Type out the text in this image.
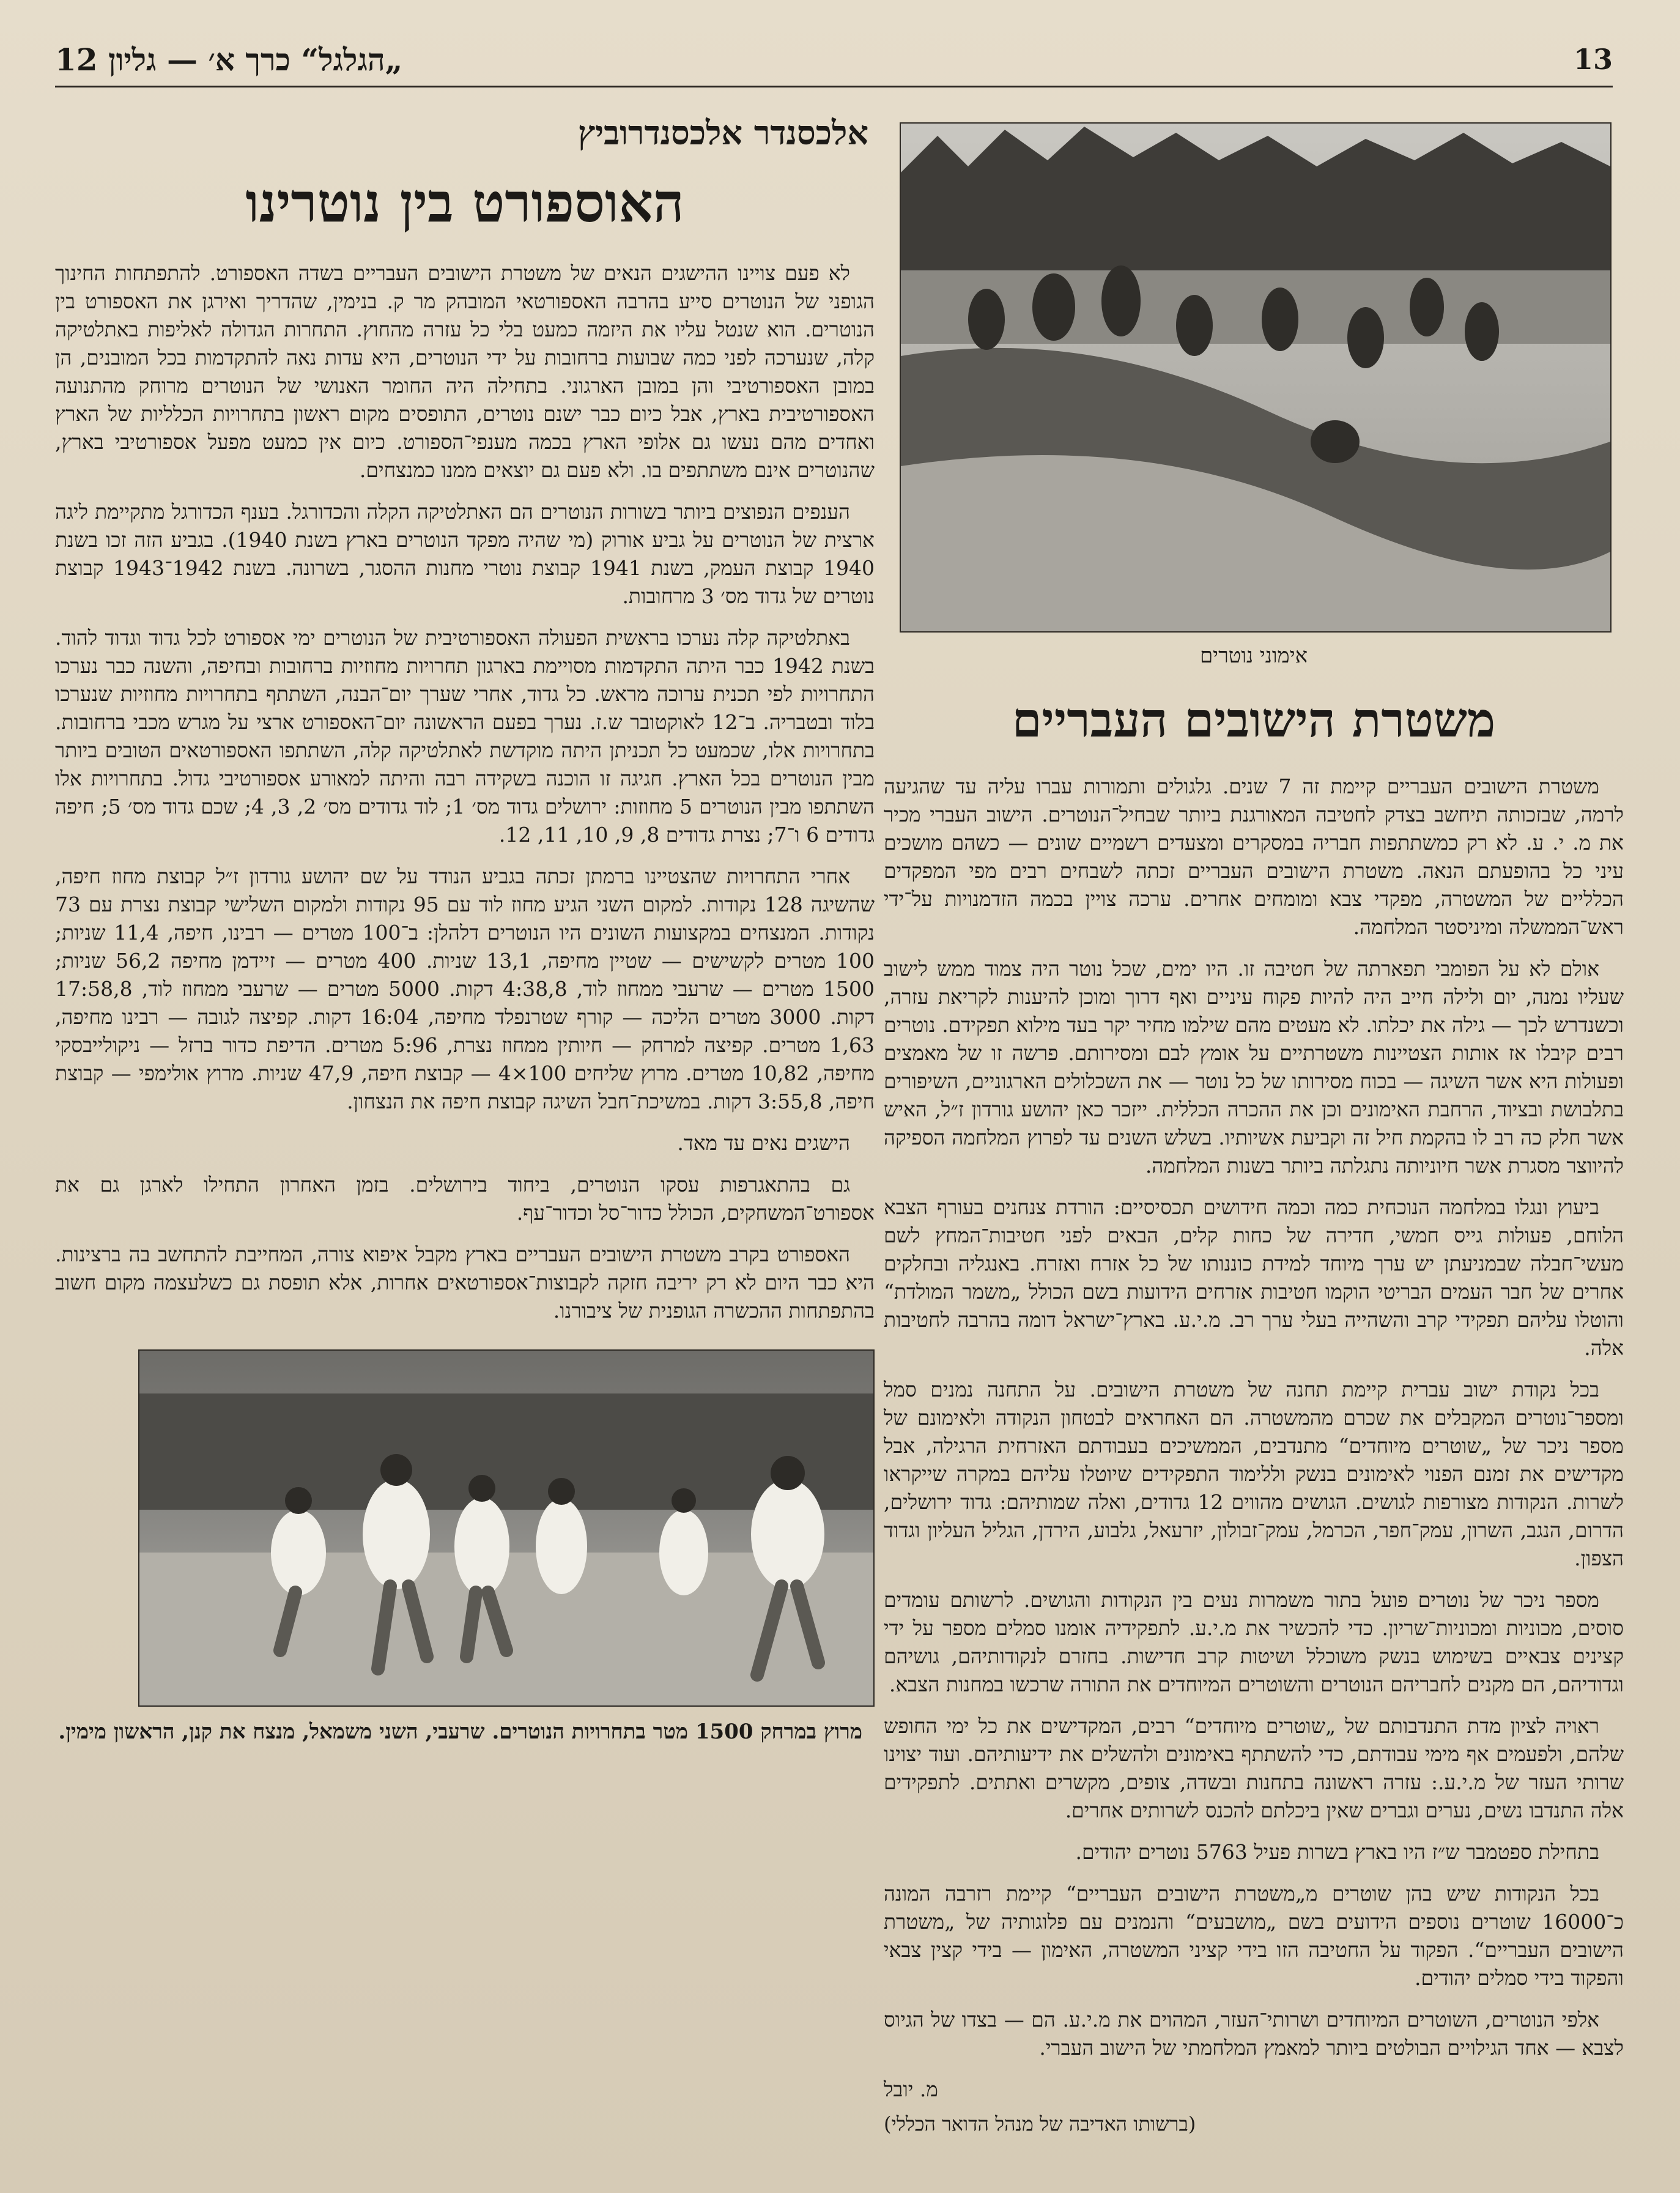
13
„הגלגל“ כרך א׳ — גליון 12
אלכסנדר אלכסנדרוביץ
האוספורט בין נוטרינו
לא פעם צויינו ההישגים הנאים של משטרת הישובים העבריים בשדה האספורט. להתפתחות החינוך הגופני של הנוטרים סייע בהרבה האספורטאי המובהק מר ק. בנימין, שהדריך ואירגן את האספורט בין הנוטרים. הוא שנטל עליו את היזמה כמעט בלי כל עזרה מהחוץ. התחרות הגדולה לאליפות באתלטיקה קלה, שנערכה לפני כמה שבועות ברחובות על ידי הנוטרים, היא עדות נאה להתקדמות בכל המובנים, הן במובן האספורטיבי והן במובן הארגוני. בתחילה היה החומר האנושי של הנוטרים מרוחק מהתנועה האספורטיבית בארץ, אבל כיום כבר ישנם נוטרים, התופסים מקום ראשון בתחרויות הכלליות של הארץ ואחדים מהם נעשו גם אלופי הארץ בכמה מענפי־הספורט. כיום אין כמעט מפעל אספורטיבי בארץ, שהנוטרים אינם משתתפים בו. ולא פעם גם יוצאים ממנו כמנצחים.
הענפים הנפוצים ביותר בשורות הנוטרים הם האתלטיקה הקלה והכדורגל. בענף הכדורגל מתקיימת ליגה ארצית של הנוטרים על גביע אורוק (מי שהיה מפקד הנוטרים בארץ בשנת 1940). בגביע הזה זכו בשנת 1940 קבוצת העמק, בשנת 1941 קבוצת נוטרי מחנות ההסגר, בשרונה. בשנת 1942־1943 קבוצת נוטרים של גדוד מס׳ 3 מרחובות.
באתלטיקה קלה נערכו בראשית הפעולה האספורטיבית של הנוטרים ימי אספורט לכל גדוד וגדוד להוד. בשנת 1942 כבר היתה התקדמות מסויימת בארגון תחרויות מחוזיות ברחובות ובחיפה, והשנה כבר נערכו התחרויות לפי תכנית ערוכה מראש. כל גדוד, אחרי שערך יום־הבנה, השתתף בתחרויות מחוזיות שנערכו בלוד ובטבריה. ב־12 לאוקטובר ש.ז. נערך בפעם הראשונה יום־האספורט ארצי על מגרש מכבי ברחובות. בתחרויות אלו, שכמעט כל תכניתן היתה מוקדשת לאתלטיקה קלה, השתתפו האספורטאים הטובים ביותר מבין הנוטרים בכל הארץ. חגיגה זו הוכנה בשקידה רבה והיתה למאורע אספורטיבי גדול. בתחרויות אלו השתתפו מבין הנוטרים 5 מחוזות: ירושלים גדוד מס׳ 1; לוד גדודים מס׳ 2, 3, 4; שכם גדוד מס׳ 5; חיפה גדודים 6 ו־7; נצרת גדודים 8, 9, 10, 11, 12.
אחרי התחרויות שהצטיינו ברמתן זכתה בגביע הנודד על שם יהושע גורדון ז״ל קבוצת מחוז חיפה, שהשיגה 128 נקודות. למקום השני הגיע מחוז לוד עם 95 נקודות ולמקום השלישי קבוצת נצרת עם 73 נקודות. המנצחים במקצועות השונים היו הנוטרים דלהלן: ב־100 מטרים — רבינו, חיפה, 11,4 שניות; 100 מטרים לקשישים — שטיין מחיפה, 13,1 שניות. 400 מטרים — זיידמן מחיפה 56,2 שניות; 1500 מטרים — שרעבי ממחוז לוד, 4:38,8 דקות. 5000 מטרים — שרעבי ממחוז לוד, 17:58,8 דקות. 3000 מטרים הליכה — קורף שטרנפלד מחיפה, 16:04 דקות. קפיצה לגובה — רבינו מחיפה, 1,63 מטרים. קפיצה למרחק — חיותין ממחוז נצרת, 5:96 מטרים. הדיפת כדור ברזל — ניקולייבסקי מחיפה, 10,82 מטרים. מרוץ שליחים 100×4 — קבוצת חיפה, 47,9 שניות. מרוץ אולימפי — קבוצת חיפה, 3:55,8 דקות. במשיכת־חבל השיגה קבוצת חיפה את הנצחון.
הישגים נאים עד מאד.
גם בהתאגרפות עסקו הנוטרים, ביחוד בירושלים. בזמן האחרון התחילו לארגן גם את אספורט־המשחקים, הכולל כדור־סל וכדור־עף.
האספורט בקרב משטרת הישובים העבריים בארץ מקבל איפוא צורה, המחייבת להתחשב בה ברצינות. היא כבר היום לא רק יריבה חזקה לקבוצות־אספורטאים אחרות, אלא תופסת גם כשלעצמה מקום חשוב בהתפתחות ההכשרה הגופנית של ציבורנו.
מרוץ במרחק 1500 מטר בתחרויות הנוטרים. שרעבי, השני משמאל, מנצח את קנן, הראשון מימין.
אימוני נוטרים
משטרת הישובים העבריים
משטרת הישובים העבריים קיימת זה 7 שנים. גלגולים ותמורות עברו עליה עד שהגיעה לרמה, שבזכותה תיחשב בצדק לחטיבה המאורגנת ביותר שבחיל־הנוטרים. הישוב העברי מכיר את מ. י. ע. לא רק כמשתתפות חבריה במסקרים ומצעדים רשמיים שונים — כשהם מושכים עיני כל בהופעתם הנאה. משטרת הישובים העבריים זכתה לשבחים רבים מפי המפקדים הכלליים של המשטרה, מפקדי צבא ומומחים אחרים. ערכה צויין בכמה הזדמנויות על־ידי ראש־הממשלה ומיניסטר המלחמה.
אולם לא על הפומבי תפארתה של חטיבה זו. היו ימים, שכל נוטר היה צמוד ממש לישוב שעליו נמנה, יום ולילה חייב היה להיות פקוח עיניים ואף דרוך ומוכן להיענות לקריאת עזרה, וכשנדרש לכך — גילה את יכלתו. לא מעטים מהם שילמו מחיר יקר בעד מילוא תפקידם. נוטרים רבים קיבלו אז אותות הצטיינות משטרתיים על אומץ לבם ומסירותם. פרשה זו של מאמצים ופעולות היא אשר השיגה — בכוח מסירותו של כל נוטר — את השכלולים הארגוניים, השיפורים בתלבושת ובציוד, הרחבת האימונים וכן את ההכרה הכללית. ייזכר כאן יהושע גורדון ז״ל, האיש אשר חלק כה רב לו בהקמת חיל זה וקביעת אשיותיו. בשלש השנים עד לפרוץ המלחמה הספיקה להיווצר מסגרת אשר חיוניותה נתגלתה ביותר בשנות המלחמה.
ביעוץ ונגלו במלחמה הנוכחית כמה וכמה חידושים תכסיסיים: הורדת צנחנים בעורף הצבא הלוחם, פעולות גייס חמשי, חדירה של כחות קלים, הבאים לפני חטיבות־המחץ לשם מעשי־חבלה שבמניעתן יש ערך מיוחד למידת כוננותו של כל אזרח ואזרח. באנגליה ובחלקים אחרים של חבר העמים הבריטי הוקמו חטיבות אזרחים הידועות בשם הכולל „משמר המולדת“ והוטלו עליהם תפקידי קרב והשהייה בעלי ערך רב. מ.י.ע. בארץ־ישראל דומה בהרבה לחטיבות אלה.
בכל נקודת ישוב עברית קיימת תחנה של משטרת הישובים. על התחנה נמנים סמל ומספר־נוטרים המקבלים את שכרם מהמשטרה. הם האחראים לבטחון הנקודה ולאימונם של מספר ניכר של „שוטרים מיוחדים“ מתנדבים, הממשיכים בעבודתם האזרחית הרגילה, אבל מקדישים את זמנם הפנוי לאימונים בנשק וללימוד התפקידים שיוטלו עליהם במקרה שייקראו לשרות. הנקודות מצורפות לגושים. הגושים מהווים 12 גדודים, ואלה שמותיהם: גדוד ירושלים, הדרום, הנגב, השרון, עמק־חפר, הכרמל, עמק־זבולון, יזרעאל, גלבוע, הירדן, הגליל העליון וגדוד הצפון.
מספר ניכר של נוטרים פועל בתור משמרות נעים בין הנקודות והגושים. לרשותם עומדים סוסים, מכוניות ומכוניות־שריון. כדי להכשיר את מ.י.ע. לתפקידיה אומנו סמלים מספר על ידי קצינים צבאיים בשימוש בנשק משוכלל ושיטות קרב חדישות. בחזרם לנקודותיהם, גושיהם וגדודיהם, הם מקנים לחבריהם הנוטרים והשוטרים המיוחדים את התורה שרכשו במחנות הצבא.
ראויה לציון מדת התנדבותם של „שוטרים מיוחדים“ רבים, המקדישים את כל ימי החופש שלהם, ולפעמים אף מימי עבודתם, כדי להשתתף באימונים ולהשלים את ידיעותיהם. ועוד יצוינו שרותי העזר של מ.י.ע.: עזרה ראשונה בתחנות ובשדה, צופים, מקשרים ואתתים. לתפקידים אלה התנדבו נשים, נערים וגברים שאין ביכלתם להכנס לשרותים אחרים.
בתחילת ספטמבר ש״ז היו בארץ בשרות פעיל 5763 נוטרים יהודים.
בכל הנקודות שיש בהן שוטרים מ„משטרת הישובים העבריים“ קיימת רזרבה המונה כ־16000 שוטרים נוספים הידועים בשם „מושבעים“ והנמנים עם פלוגותיה של „משטרת הישובים העבריים“. הפקוד על החטיבה הזו בידי קציני המשטרה, האימון — בידי קצין צבאי והפקוד בידי סמלים יהודים.
אלפי הנוטרים, השוטרים המיוחדים ושרותי־העזר, המהוים את מ.י.ע. הם — בצדו של הגיוס לצבא — אחד הגילויים הבולטים ביותר למאמץ המלחמתי של הישוב העברי.
מ. יובל
(ברשותו האדיבה של מנהל הדואר הכללי)
